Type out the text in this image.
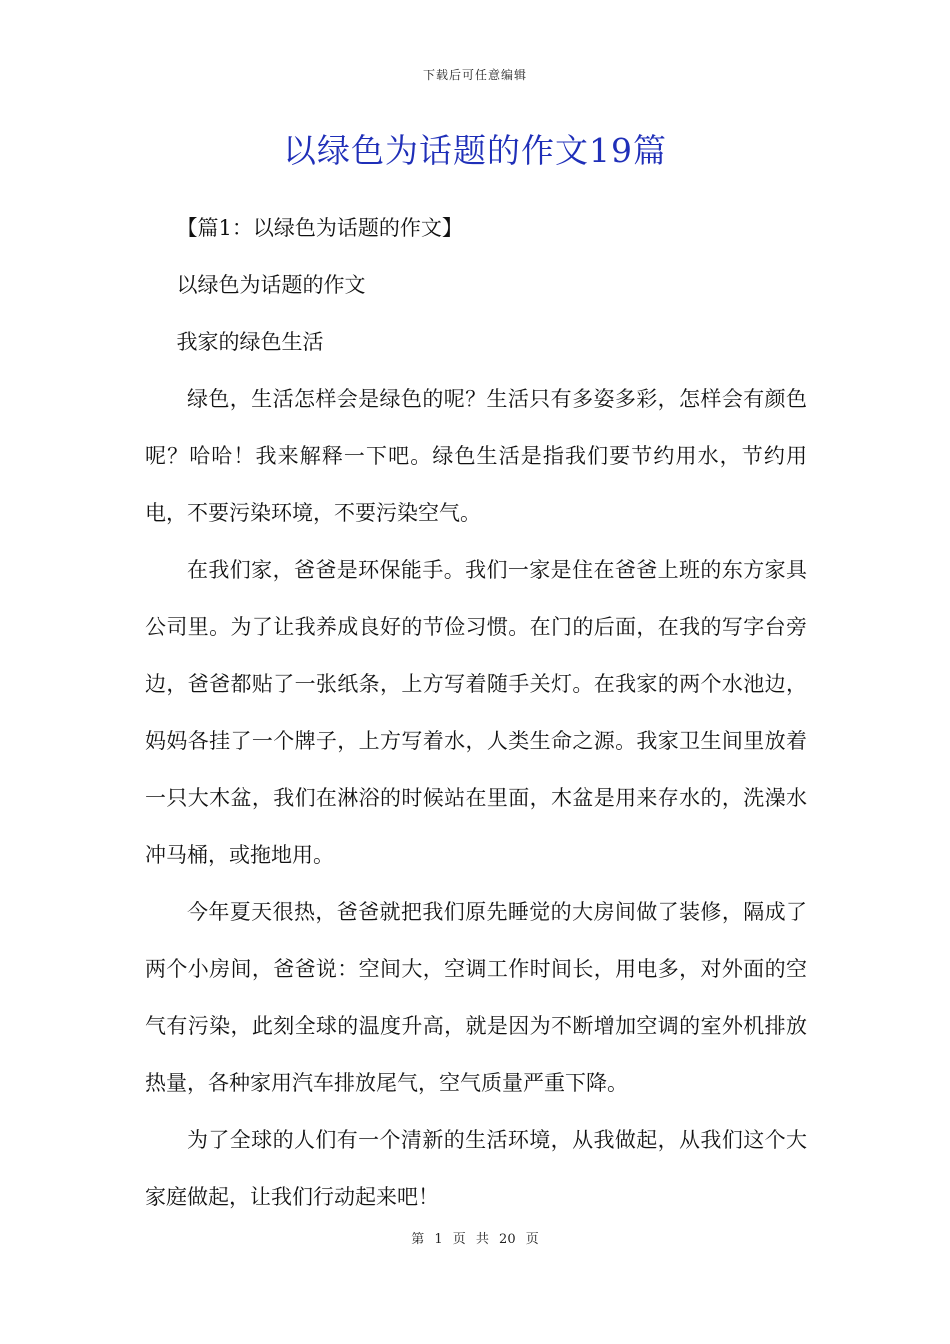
下载后可任意编辑
以绿色为话题的作文19篇

【篇1：以绿色为话题的作文】

以绿色为话题的作文

我家的绿色生活

绿色，生活怎样会是绿色的呢？生活只有多姿多彩，怎样会有颜色呢？哈哈！我来解释一下吧。绿色生活是指我们要节约用水，节约用电，不要污染环境，不要污染空气。

在我们家，爸爸是环保能手。我们一家是住在爸爸上班的东方家具公司里。为了让我养成良好的节俭习惯。在门的后面，在我的写字台旁边，爸爸都贴了一张纸条，上方写着随手关灯。在我家的两个水池边，妈妈各挂了一个牌子，上方写着水，人类生命之源。我家卫生间里放着一只大木盆，我们在淋浴的时候站在里面，木盆是用来存水的，洗澡水冲马桶，或拖地用。

今年夏天很热，爸爸就把我们原先睡觉的大房间做了装修，隔成了两个小房间，爸爸说：空间大，空调工作时间长，用电多，对外面的空气有污染，此刻全球的温度升高，就是因为不断增加空调的室外机排放热量，各种家用汽车排放尾气，空气质量严重下降。

为了全球的人们有一个清新的生活环境，从我做起，从我们这个大家庭做起，让我们行动起来吧！

第 1 页 共 20 页
